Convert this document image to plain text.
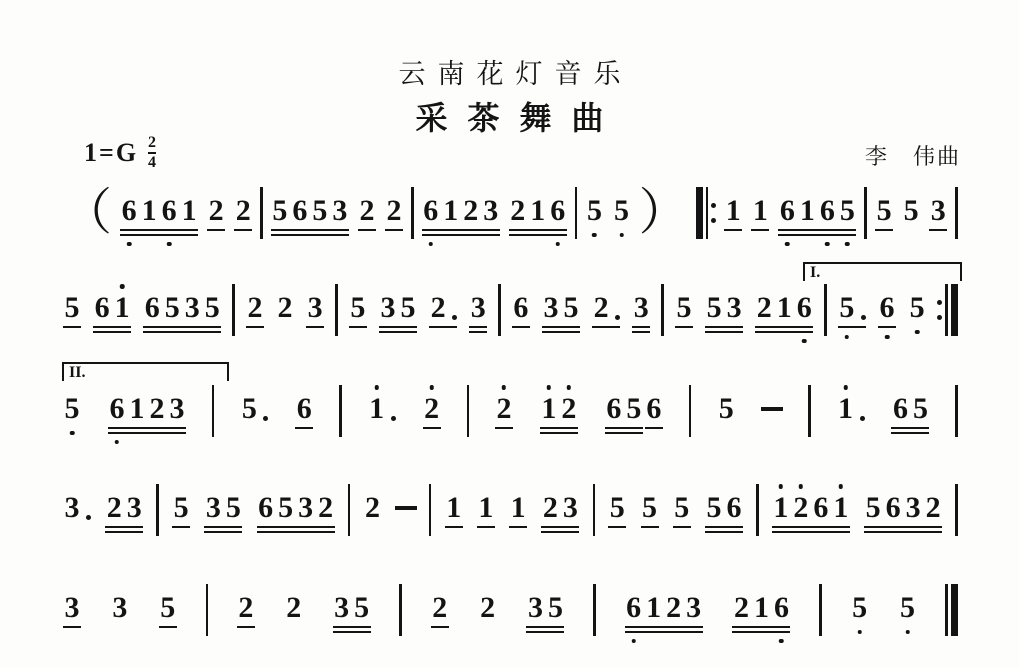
云南花灯音乐
采茶舞曲
$1=G \frac{2}{4}$	李　伟曲
（ 6 1 6 1 2 2 5 6 5 3 2 2 6 1 2 3 2 1 6 5 5 ） 1 1 6 1 6 5 5 5 3
5 6 1 6 5 3 5 2 2 3 5 3 5 2 3 6 3 5 2 3 5 5 3 2 1 6 5 6 5
5 6 1 2 3 5 6 1 2 2 1 2 6 5 6 5	1 6 5
3 2 3 5 3 5 6 5 3 2 2 1 1 1 2 3 5 5 5 5 6 1 2 6 1 5 6 3 2
3 3 5 2 2 3 5 2 2 3 5 6 1 2 3 2 1 6 5 5
I.
II.
